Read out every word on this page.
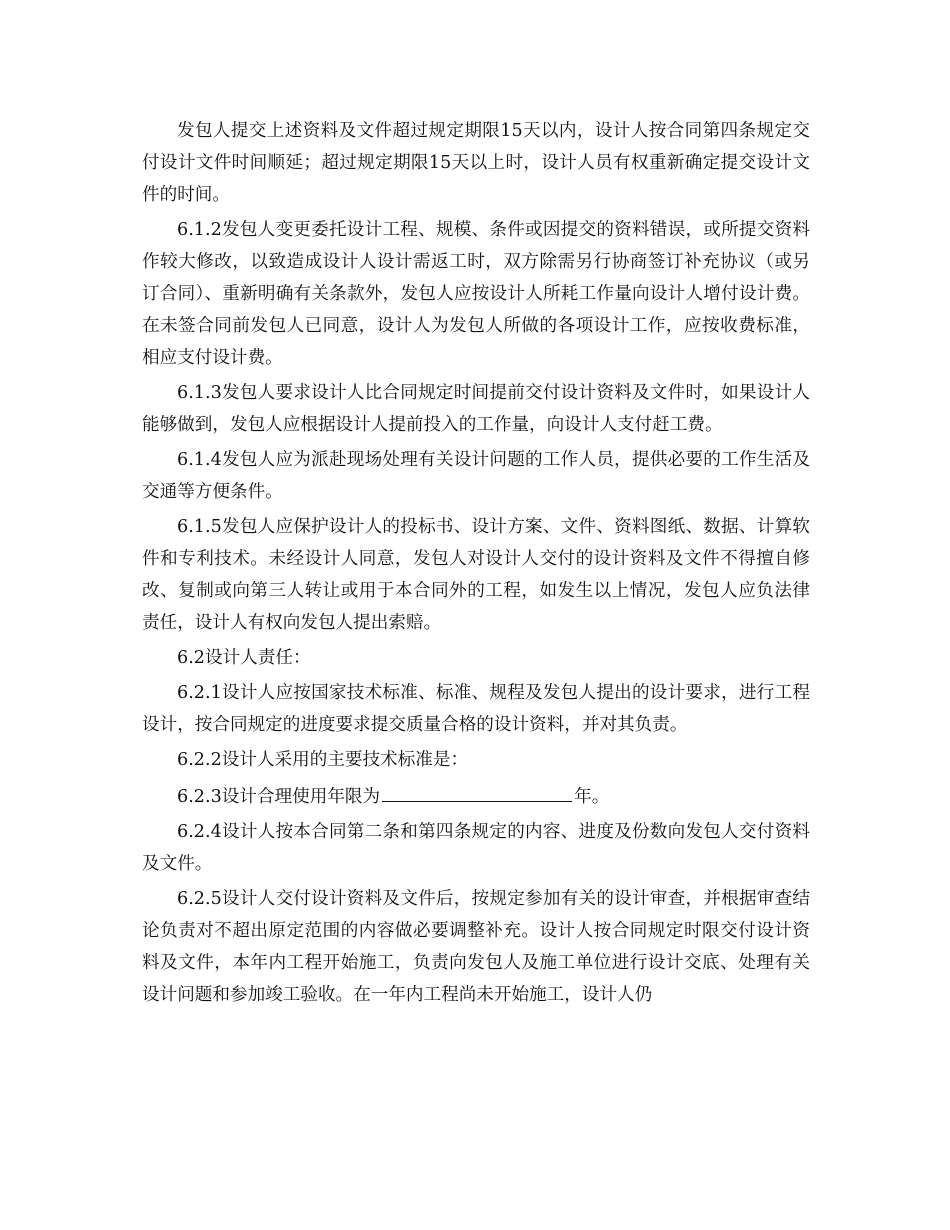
发包人提交上述资料及文件超过规定期限15天以内，设计人按合同第四条规定交付设计文件时间顺延；超过规定期限15天以上时，设计人员有权重新确定提交设计文件的时间。

6.1.2发包人变更委托设计工程、规模、条件或因提交的资料错误，或所提交资料作较大修改，以致造成设计人设计需返工时，双方除需另行协商签订补充协议（或另订合同）、重新明确有关条款外，发包人应按设计人所耗工作量向设计人增付设计费。在未签合同前发包人已同意，设计人为发包人所做的各项设计工作，应按收费标准，相应支付设计费。

6.1.3发包人要求设计人比合同规定时间提前交付设计资料及文件时，如果设计人能够做到，发包人应根据设计人提前投入的工作量，向设计人支付赶工费。

6.1.4发包人应为派赴现场处理有关设计问题的工作人员，提供必要的工作生活及交通等方便条件。

6.1.5发包人应保护设计人的投标书、设计方案、文件、资料图纸、数据、计算软件和专利技术。未经设计人同意，发包人对设计人交付的设计资料及文件不得擅自修改、复制或向第三人转让或用于本合同外的工程，如发生以上情况，发包人应负法律责任，设计人有权向发包人提出索赔。

6.2设计人责任：

6.2.1设计人应按国家技术标准、标准、规程及发包人提出的设计要求，进行工程设计，按合同规定的进度要求提交质量合格的设计资料，并对其负责。

6.2.2设计人采用的主要技术标准是：

6.2.3设计合理使用年限为	年。

6.2.4设计人按本合同第二条和第四条规定的内容、进度及份数向发包人交付资料及文件。

6.2.5设计人交付设计资料及文件后，按规定参加有关的设计审查，并根据审查结论负责对不超出原定范围的内容做必要调整补充。设计人按合同规定时限交付设计资料及文件，本年内工程开始施工，负责向发包人及施工单位进行设计交底、处理有关设计问题和参加竣工验收。在一年内工程尚未开始施工，设计人仍
